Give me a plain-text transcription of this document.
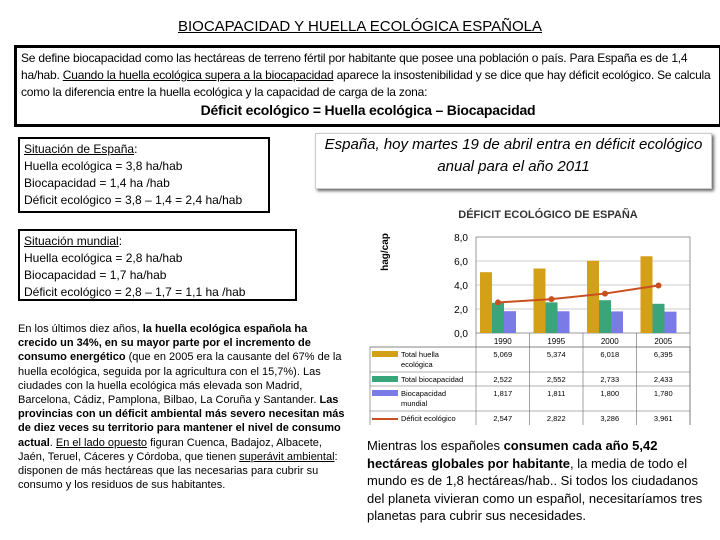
BIOCAPACIDAD Y HUELLA ECOLÓGICA ESPAÑOLA
Se define biocapacidad como las hectáreas de terreno fértil por habitante que posee una población o país. Para España es de 1,4 ha/hab. Cuando la huella ecológica supera a la biocapacidad aparece la insostenibilidad y se dice que hay déficit ecológico. Se calcula como la diferencia entre la huella ecológica y la capacidad de carga de la zona:
Déficit ecológico = Huella ecológica – Biocapacidad
Situación de España:
Huella ecológica = 3,8 ha/hab
Biocapacidad = 1,4 ha /hab
Déficit ecológico = 3,8 – 1,4 = 2,4 ha/hab
Situación mundial:
Huella ecológica = 2,8 ha/hab
Biocapacidad = 1,7 ha/hab
Déficit ecológico = 2,8 – 1,7 = 1,1 ha /hab
En los últimos diez años, la huella ecológica española ha crecido un 34%, en su mayor parte por el incremento de consumo energético (que en 2005 era la causante del 67% de la huella ecológica, seguida por la agricultura con el 15,7%). Las ciudades con la huella ecológica más elevada son Madrid, Barcelona, Cádiz, Pamplona, Bilbao, La Coruña y Santander. Las provincias con un déficit ambiental más severo necesitan más de diez veces su territorio para mantener el nivel de consumo actual. En el lado opuesto figuran Cuenca, Badajoz, Albacete, Jaén, Teruel, Cáceres y Córdoba, que tienen superávit ambiental: disponen de más hectáreas que las necesarias para cubrir su consumo y los residuos de sus habitantes.
España, hoy martes 19 de abril entra en déficit ecológico anual para el año 2011
DÉFICIT ECOLÓGICO DE ESPAÑA
hag/cap
0,0
2,0
4,0
6,0
8,0
1990	1995	2000	2005
Total huella
ecológica
5,069	5,374	6,018	6,395
Total biocapacidad	2,522	2,552	2,733	2,433
Biocapacidad
mundial
1,817	1,811	1,800	1,780
Déficit ecológico	2,547	2,822	3,286	3,961
Mientras los españoles consumen cada año 5,42 hectáreas globales por habitante, la media de todo el mundo es de 1,8 hectáreas/hab.. Si todos los ciudadanos del planeta vivieran como un español, necesitaríamos tres planetas para cubrir sus necesidades.
